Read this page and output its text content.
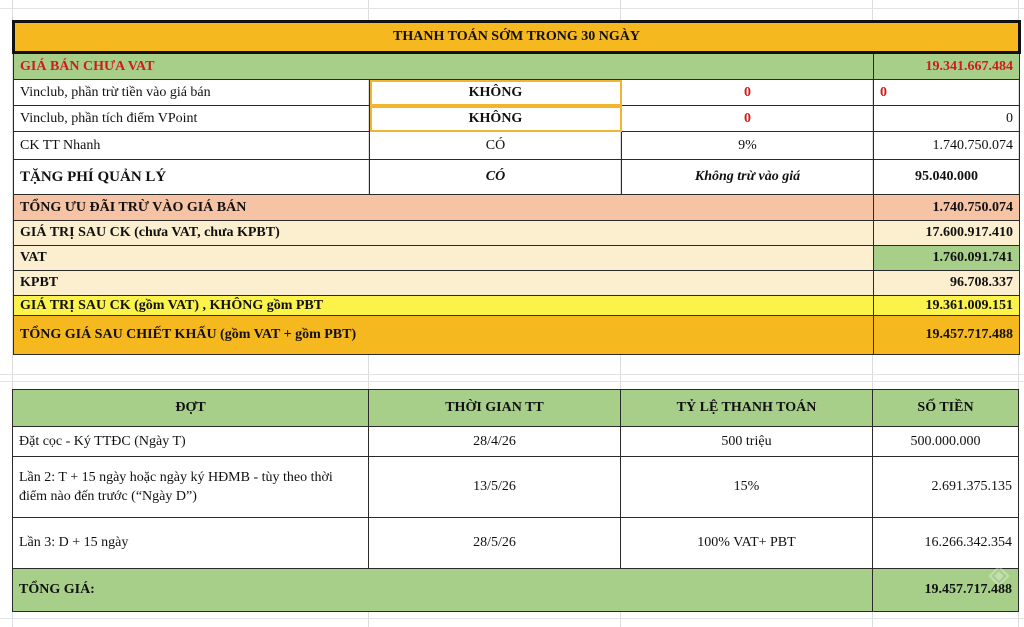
THANH TOÁN SỚM TRONG 30 NGÀY			
GIÁ BÁN CHƯA VAT			19.341.667.484
Vinclub, phần trừ tiền vào giá bán	KHÔNG	0	0
Vinclub, phần tích điểm VPoint	KHÔNG	0	0
CK TT Nhanh	CÓ	9%	1.740.750.074
TẶNG PHÍ QUẢN LÝ	CÓ	Không trừ vào giá	95.040.000
TỔNG ƯU ĐÃI TRỪ VÀO GIÁ BÁN			1.740.750.074
GIÁ TRỊ SAU CK (chưa VAT, chưa KPBT)			17.600.917.410
VAT			1.760.091.741
KPBT			96.708.337
GIÁ TRỊ SAU CK (gồm VAT) , KHÔNG gồm PBT			19.361.009.151
TỔNG GIÁ SAU CHIẾT KHẤU (gồm VAT + gồm PBT)			19.457.717.488
ĐỢT	THỜI GIAN TT	TỶ LỆ THANH TOÁN	SỐ TIỀN
Đặt cọc - Ký TTĐC (Ngày T)	28/4/26	500 triệu	500.000.000
Lần 2: T + 15 ngày hoặc ngày ký HĐMB - tùy theo thời điểm nào đến trước (“Ngày D”)	13/5/26	15%	2.691.375.135
Lần 3: D + 15 ngày	28/5/26	100% VAT+ PBT	16.266.342.354
TỔNG GIÁ:			19.457.717.488
